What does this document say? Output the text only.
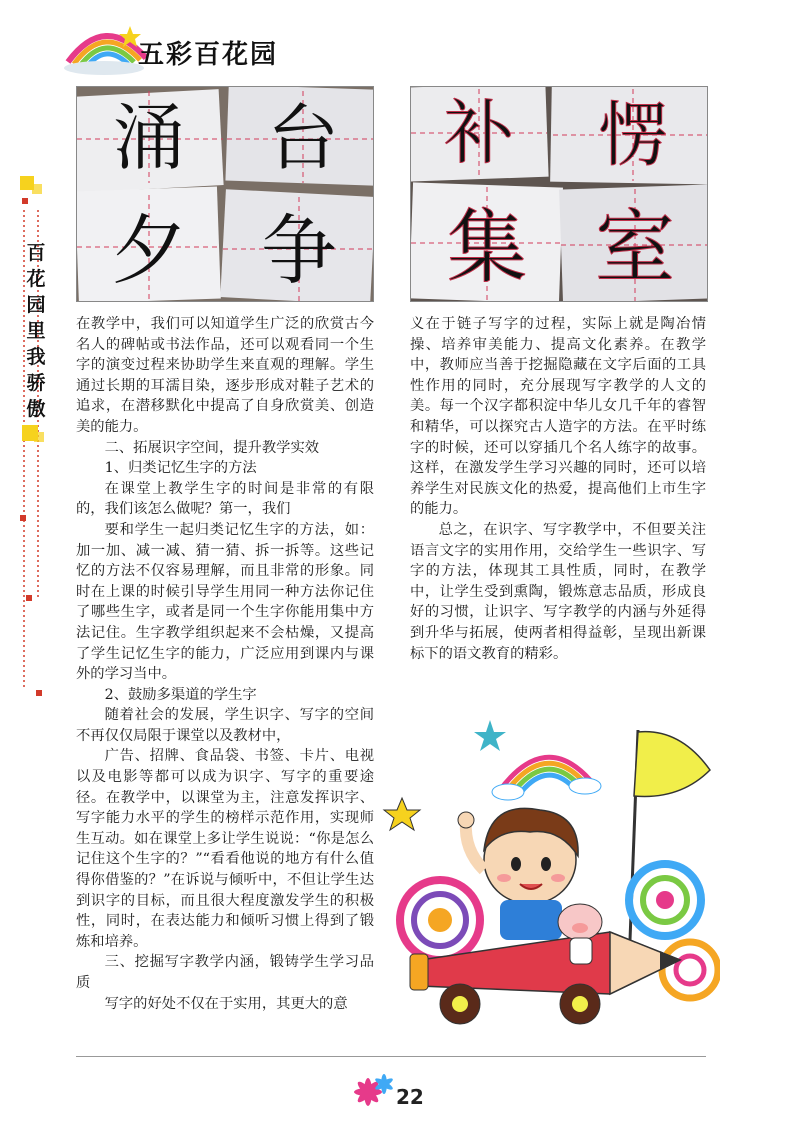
五彩百花园
百
花
园
里
我
骄
傲
涌 台
夕 争
补 愣
集 室

在教学中，我们可以知道学生广泛的欣赏古今名人的碑帖或书法作品，还可以观看同一个生字的演变过程来协助学生来直观的理解。学生通过长期的耳濡目染，逐步形成对鞋子艺术的追求，在潜移默化中提高了自身欣赏美、创造美的能力。

二、拓展识字空间，提升教学实效

1、归类记忆生字的方法

在课堂上教学生字的时间是非常的有限的，我们该怎么做呢？第一，我们

要和学生一起归类记忆生字的方法，如：加一加、减一减、猜一猜、拆一拆等。这些记忆的方法不仅容易理解，而且非常的形象。同时在上课的时候引导学生用同一种方法你记住了哪些生字，或者是同一个生字你能用集中方法记住。生字教学组织起来不会枯燥，又提高了学生记忆生字的能力，广泛应用到课内与课外的学习当中。

2、鼓励多渠道的学生字

随着社会的发展，学生识字、写字的空间不再仅仅局限于课堂以及教材中，

广告、招牌、食品袋、书签、卡片、电视以及电影等都可以成为识字、写字的重要途径。在教学中，以课堂为主，注意发挥识字、写字能力水平的学生的榜样示范作用，实现师生互动。如在课堂上多让学生说说：“你是怎么记住这个生字的？”“看看他说的地方有什么值得你借鉴的？”在诉说与倾听中，不但让学生达到识字的目标，而且很大程度激发学生的积极性，同时，在表达能力和倾听习惯上得到了锻炼和培养。

三、挖掘写字教学内涵，锻铸学生学习品质

写字的好处不仅在于实用，其更大的意

义在于链子写字的过程，实际上就是陶冶情操、培养审美能力、提高文化素养。在教学中，教师应当善于挖掘隐藏在文字后面的工具性作用的同时，充分展现写字教学的人文的美。每一个汉字都积淀中华儿女几千年的睿智和精华，可以探究古人造字的方法。在平时练字的时候，还可以穿插几个名人练字的故事。这样，在激发学生学习兴趣的同时，还可以培养学生对民族文化的热爱，提高他们上市生字的能力。

总之，在识字、写字教学中，不但要关注语言文字的实用作用，交给学生一些识字、写字的方法，体现其工具性质，同时，在教学中，让学生受到熏陶，锻炼意志品质，形成良好的习惯，让识字、写字教学的内涵与外延得到升华与拓展，使两者相得益彰，呈现出新课标下的语文教育的精彩。

22
